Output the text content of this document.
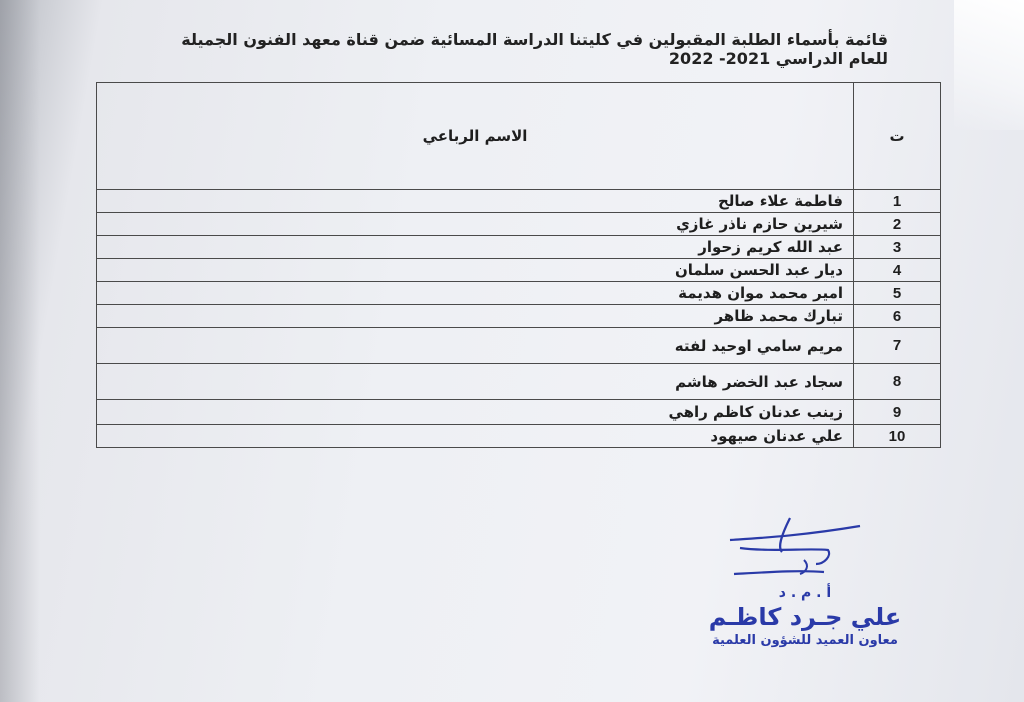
قائمة بأسماء الطلبة المقبولين في كليتنا الدراسة المسائية ضمن قناة معهد الفنون الجميلة للعام الدراسي 2021- 2022
ت	الاسم الرباعي
1	فاطمة علاء صالح
2	شيرين حازم ناذر غازي
3	عبد الله كريم زحوار
4	ديار عبد الحسن سلمان
5	امير محمد موان هديمة
6	تبارك محمد ظاهر
7	مريم سامي اوحيد لفته
8	سجاد عبد الخضر هاشم
9	زينب عدنان كاظم راهي
10	علي عدنان صيهود
أ . م . د
علي جـرد كاظـم
معاون العميد للشؤون العلمية
